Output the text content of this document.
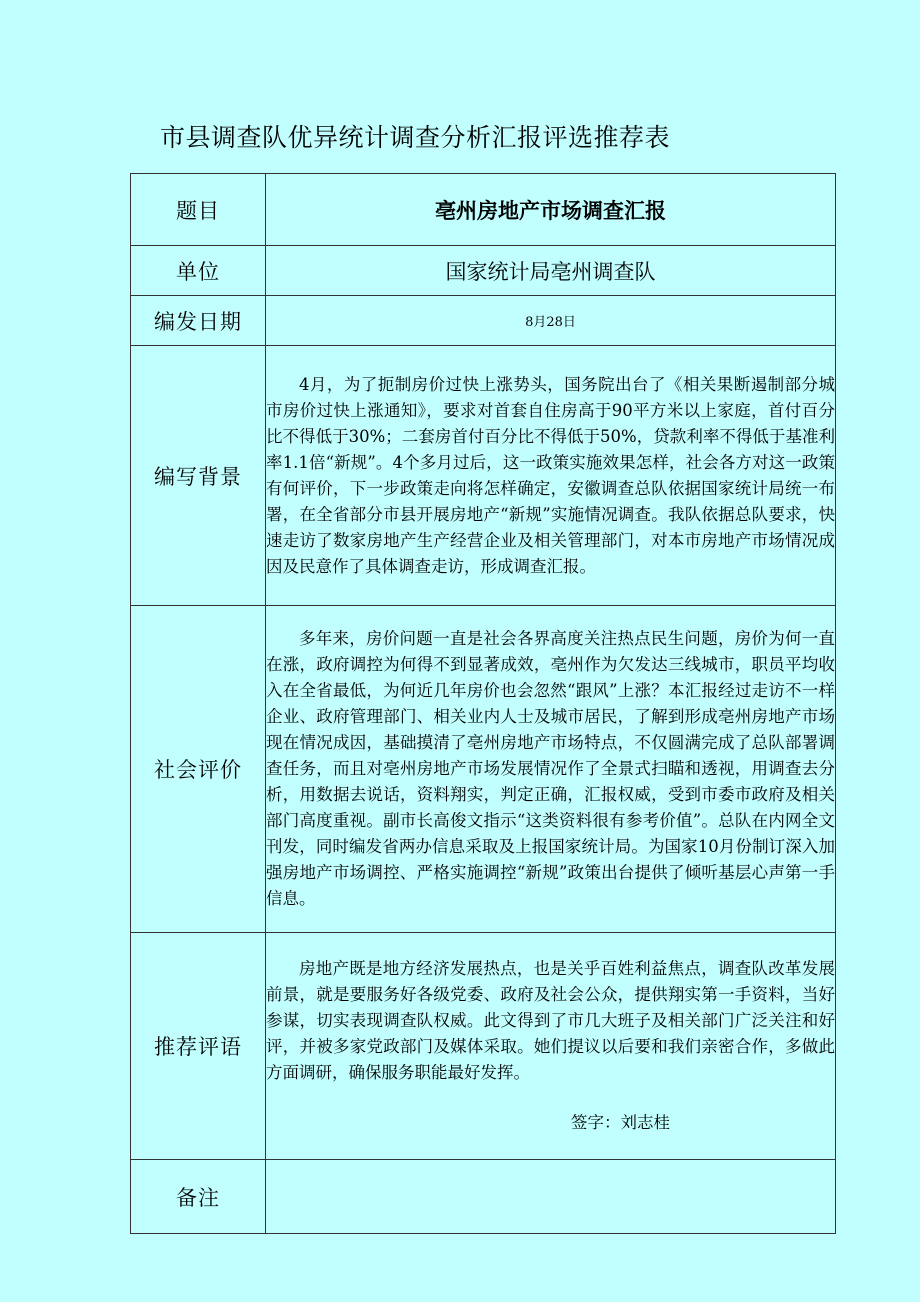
市县调查队优异统计调查分析汇报评选推荐表
题目	亳州房地产市场调查汇报
单位	国家统计局亳州调查队
编发日期	8月28日
编写背景	4月，为了扼制房价过快上涨势头，国务院出台了《相关果断遏制部分城市房价过快上涨通知》，要求对首套自住房高于90平方米以上家庭，首付百分比不得低于30%；二套房首付百分比不得低于50%，贷款利率不得低于基准利率1.1倍“新规”。4个多月过后，这一政策实施效果怎样，社会各方对这一政策有何评价，下一步政策走向将怎样确定，安徽调查总队依据国家统计局统一布署，在全省部分市县开展房地产“新规”实施情况调查。我队依据总队要求，快速走访了数家房地产生产经营企业及相关管理部门，对本市房地产市场情况成因及民意作了具体调查走访，形成调查汇报。
社会评价	多年来，房价问题一直是社会各界高度关注热点民生问题，房价为何一直在涨，政府调控为何得不到显著成效，亳州作为欠发达三线城市，职员平均收入在全省最低，为何近几年房价也会忽然“跟风”上涨？本汇报经过走访不一样企业、政府管理部门、相关业内人士及城市居民，了解到形成亳州房地产市场现在情况成因，基础摸清了亳州房地产市场特点，不仅圆满完成了总队部署调查任务，而且对亳州房地产市场发展情况作了全景式扫瞄和透视，用调查去分析，用数据去说话，资料翔实，判定正确，汇报权威，受到市委市政府及相关部门高度重视。副市长高俊文指示“这类资料很有参考价值”。总队在内网全文刊发，同时编发省两办信息采取及上报国家统计局。为国家10月份制订深入加强房地产市场调控、严格实施调控“新规”政策出台提供了倾听基层心声第一手信息。
推荐评语	房地产既是地方经济发展热点，也是关乎百姓利益焦点，调查队改革发展前景，就是要服务好各级党委、政府及社会公众，提供翔实第一手资料，当好参谋，切实表现调查队权威。此文得到了市几大班子及相关部门广泛关注和好评，并被多家党政部门及媒体采取。她们提议以后要和我们亲密合作，多做此方面调研，确保服务职能最好发挥。
签字：刘志桂

备注	
